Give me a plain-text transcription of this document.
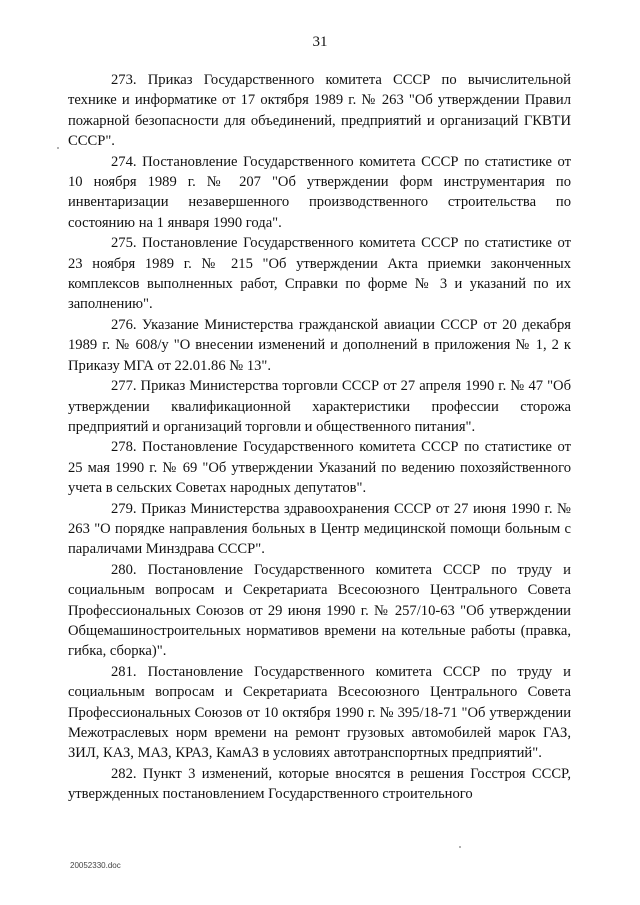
31

273. Приказ Государственного комитета СССР по вычислительной технике и информатике от 17 октября 1989 г. № 263 "Об утверждении Правил пожарной безопасности для объединений, предприятий и организаций ГКВТИ СССР".

274. Постановление Государственного комитета СССР по статистике от 10 ноября 1989 г. № 207 "Об утверждении форм инструментария по инвентаризации незавершенного производственного строительства по состоянию на 1 января 1990 года".

275. Постановление Государственного комитета СССР по статистике от 23 ноября 1989 г. № 215 "Об утверждении Акта приемки законченных комплексов выполненных работ, Справки по форме № 3 и указаний по их заполнению".

276. Указание Министерства гражданской авиации СССР от 20 декабря 1989 г. № 608/у "О внесении изменений и дополнений в приложения № 1, 2 к Приказу МГА от 22.01.86 № 13".

277. Приказ Министерства торговли СССР от 27 апреля 1990 г. № 47 "Об утверждении квалификационной характеристики профессии сторожа предприятий и организаций торговли и общественного питания".

278. Постановление Государственного комитета СССР по статистике от 25 мая 1990 г. № 69 "Об утверждении Указаний по ведению похозяйственного учета в сельских Советах народных депутатов".

279. Приказ Министерства здравоохранения СССР от 27 июня 1990 г. № 263 "О порядке направления больных в Центр медицинской помощи больным с параличами Минздрава СССР".

280. Постановление Государственного комитета СССР по труду и социальным вопросам и Секретариата Всесоюзного Центрального Совета Профессиональных Союзов от 29 июня 1990 г. № 257/10-63 "Об утверждении Общемашиностроительных нормативов времени на котельные работы (правка, гибка, сборка)".

281. Постановление Государственного комитета СССР по труду и социальным вопросам и Секретариата Всесоюзного Центрального Совета Профессиональных Союзов от 10 октября 1990 г. № 395/18-71 "Об утверждении Межотраслевых норм времени на ремонт грузовых автомобилей марок ГАЗ, ЗИЛ, КАЗ, МАЗ, КРАЗ, КамАЗ в условиях автотранспортных предприятий".

282. Пункт 3 изменений, которые вносятся в решения Госстроя СССР, утвержденных постановлением Государственного строительного

20052330.doc
